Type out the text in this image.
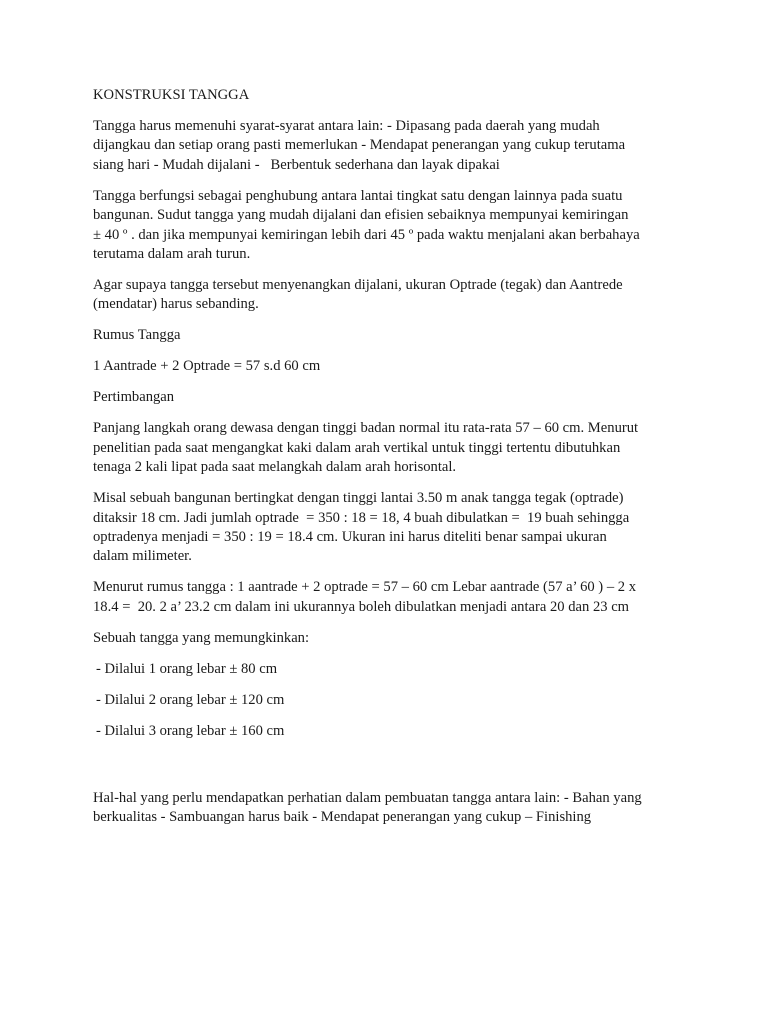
KONSTRUKSI TANGGA

Tangga harus memenuhi syarat-syarat antara lain: - Dipasang pada daerah yang mudah
dijangkau dan setiap orang pasti memerlukan - Mendapat penerangan yang cukup terutama
siang hari - Mudah dijalani -   Berbentuk sederhana dan layak dipakai

Tangga berfungsi sebagai penghubung antara lantai tingkat satu dengan lainnya pada suatu
bangunan. Sudut tangga yang mudah dijalani dan efisien sebaiknya mempunyai kemiringan
± 40 º . dan jika mempunyai kemiringan lebih dari 45 º pada waktu menjalani akan berbahaya
terutama dalam arah turun.

Agar supaya tangga tersebut menyenangkan dijalani, ukuran Optrade (tegak) dan Aantrede
(mendatar) harus sebanding.

Rumus Tangga

1 Aantrade + 2 Optrade = 57 s.d 60 cm

Pertimbangan

Panjang langkah orang dewasa dengan tinggi badan normal itu rata-rata 57 – 60 cm. Menurut
penelitian pada saat mengangkat kaki dalam arah vertikal untuk tinggi tertentu dibutuhkan
tenaga 2 kali lipat pada saat melangkah dalam arah horisontal.

Misal sebuah bangunan bertingkat dengan tinggi lantai 3.50 m anak tangga tegak (optrade)
ditaksir 18 cm. Jadi jumlah optrade  = 350 : 18 = 18, 4 buah dibulatkan =  19 buah sehingga
optradenya menjadi = 350 : 19 = 18.4 cm. Ukuran ini harus diteliti benar sampai ukuran
dalam milimeter.

Menurut rumus tangga : 1 aantrade + 2 optrade = 57 – 60 cm Lebar aantrade (57 a’ 60 ) – 2 x
18.4 =  20. 2 a’ 23.2 cm dalam ini ukurannya boleh dibulatkan menjadi antara 20 dan 23 cm

Sebuah tangga yang memungkinkan:

- Dilalui 1 orang lebar ± 80 cm

- Dilalui 2 orang lebar ± 120 cm

- Dilalui 3 orang lebar ± 160 cm

Hal-hal yang perlu mendapatkan perhatian dalam pembuatan tangga antara lain: - Bahan yang
berkualitas - Sambuangan harus baik - Mendapat penerangan yang cukup – Finishing
